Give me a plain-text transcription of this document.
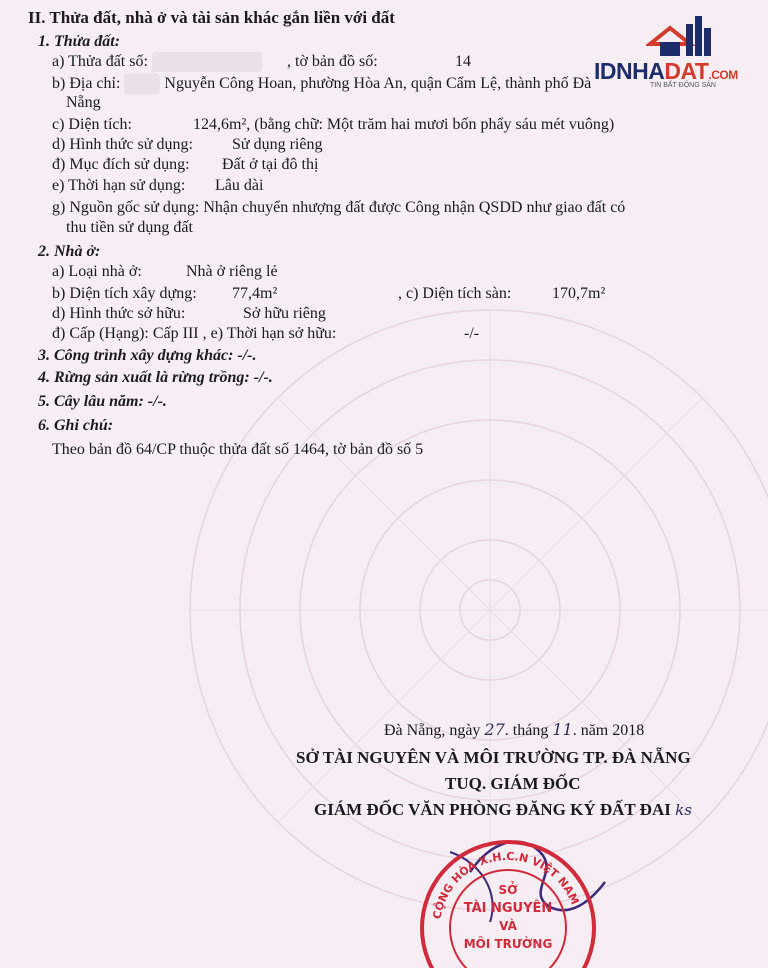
IDNHADAT.COM
TIN BẤT ĐỘNG SẢN
II. Thửa đất, nhà ở và tài sản khác gắn liền với đất
1. Thửa đất:
a) Thửa đất số:	, tờ bản đồ số:	14
b) Địa chỉ:	Nguyễn Công Hoan, phường Hòa An, quận Cẩm Lệ, thành phố Đà
Nẵng
c) Diện tích:	124,6m², (bằng chữ: Một trăm hai mươi bốn phẩy sáu mét vuông)
d) Hình thức sử dụng: Sử dụng riêng
đ) Mục đích sử dụng: Đất ở tại đô thị
e) Thời hạn sử dụng: Lâu dài
g) Nguồn gốc sử dụng: Nhận chuyển nhượng đất được Công nhận QSDD như giao đất có
thu tiền sử dụng đất
2. Nhà ở:
a) Loại nhà ở:	Nhà ở riêng lẻ
b) Diện tích xây dựng: 77,4m²	, c) Diện tích sàn:	170,7m²
d) Hình thức sở hữu:	Sở hữu riêng
đ) Cấp (Hạng): Cấp III , e) Thời hạn sở hữu:	-/-
3. Công trình xây dựng khác: -/-.
4. Rừng sản xuất là rừng trồng: -/-.
5. Cây lâu năm: -/-.
6. Ghi chú:
Theo bản đồ 64/CP thuộc thửa đất số 1464, tờ bản đồ số 5
Đà Nẵng, ngày 27. tháng 11. năm 2018
SỞ TÀI NGUYÊN VÀ MÔI TRƯỜNG TP. ĐÀ NẴNG
TUQ. GIÁM ĐỐC
GIÁM ĐỐC VĂN PHÒNG ĐĂNG KÝ ĐẤT ĐAI ks
CỘNG HÒA X.H.C.N VIỆT NAM
SỞ
TÀI NGUYÊN
VÀ
MÔI TRƯỜNG
